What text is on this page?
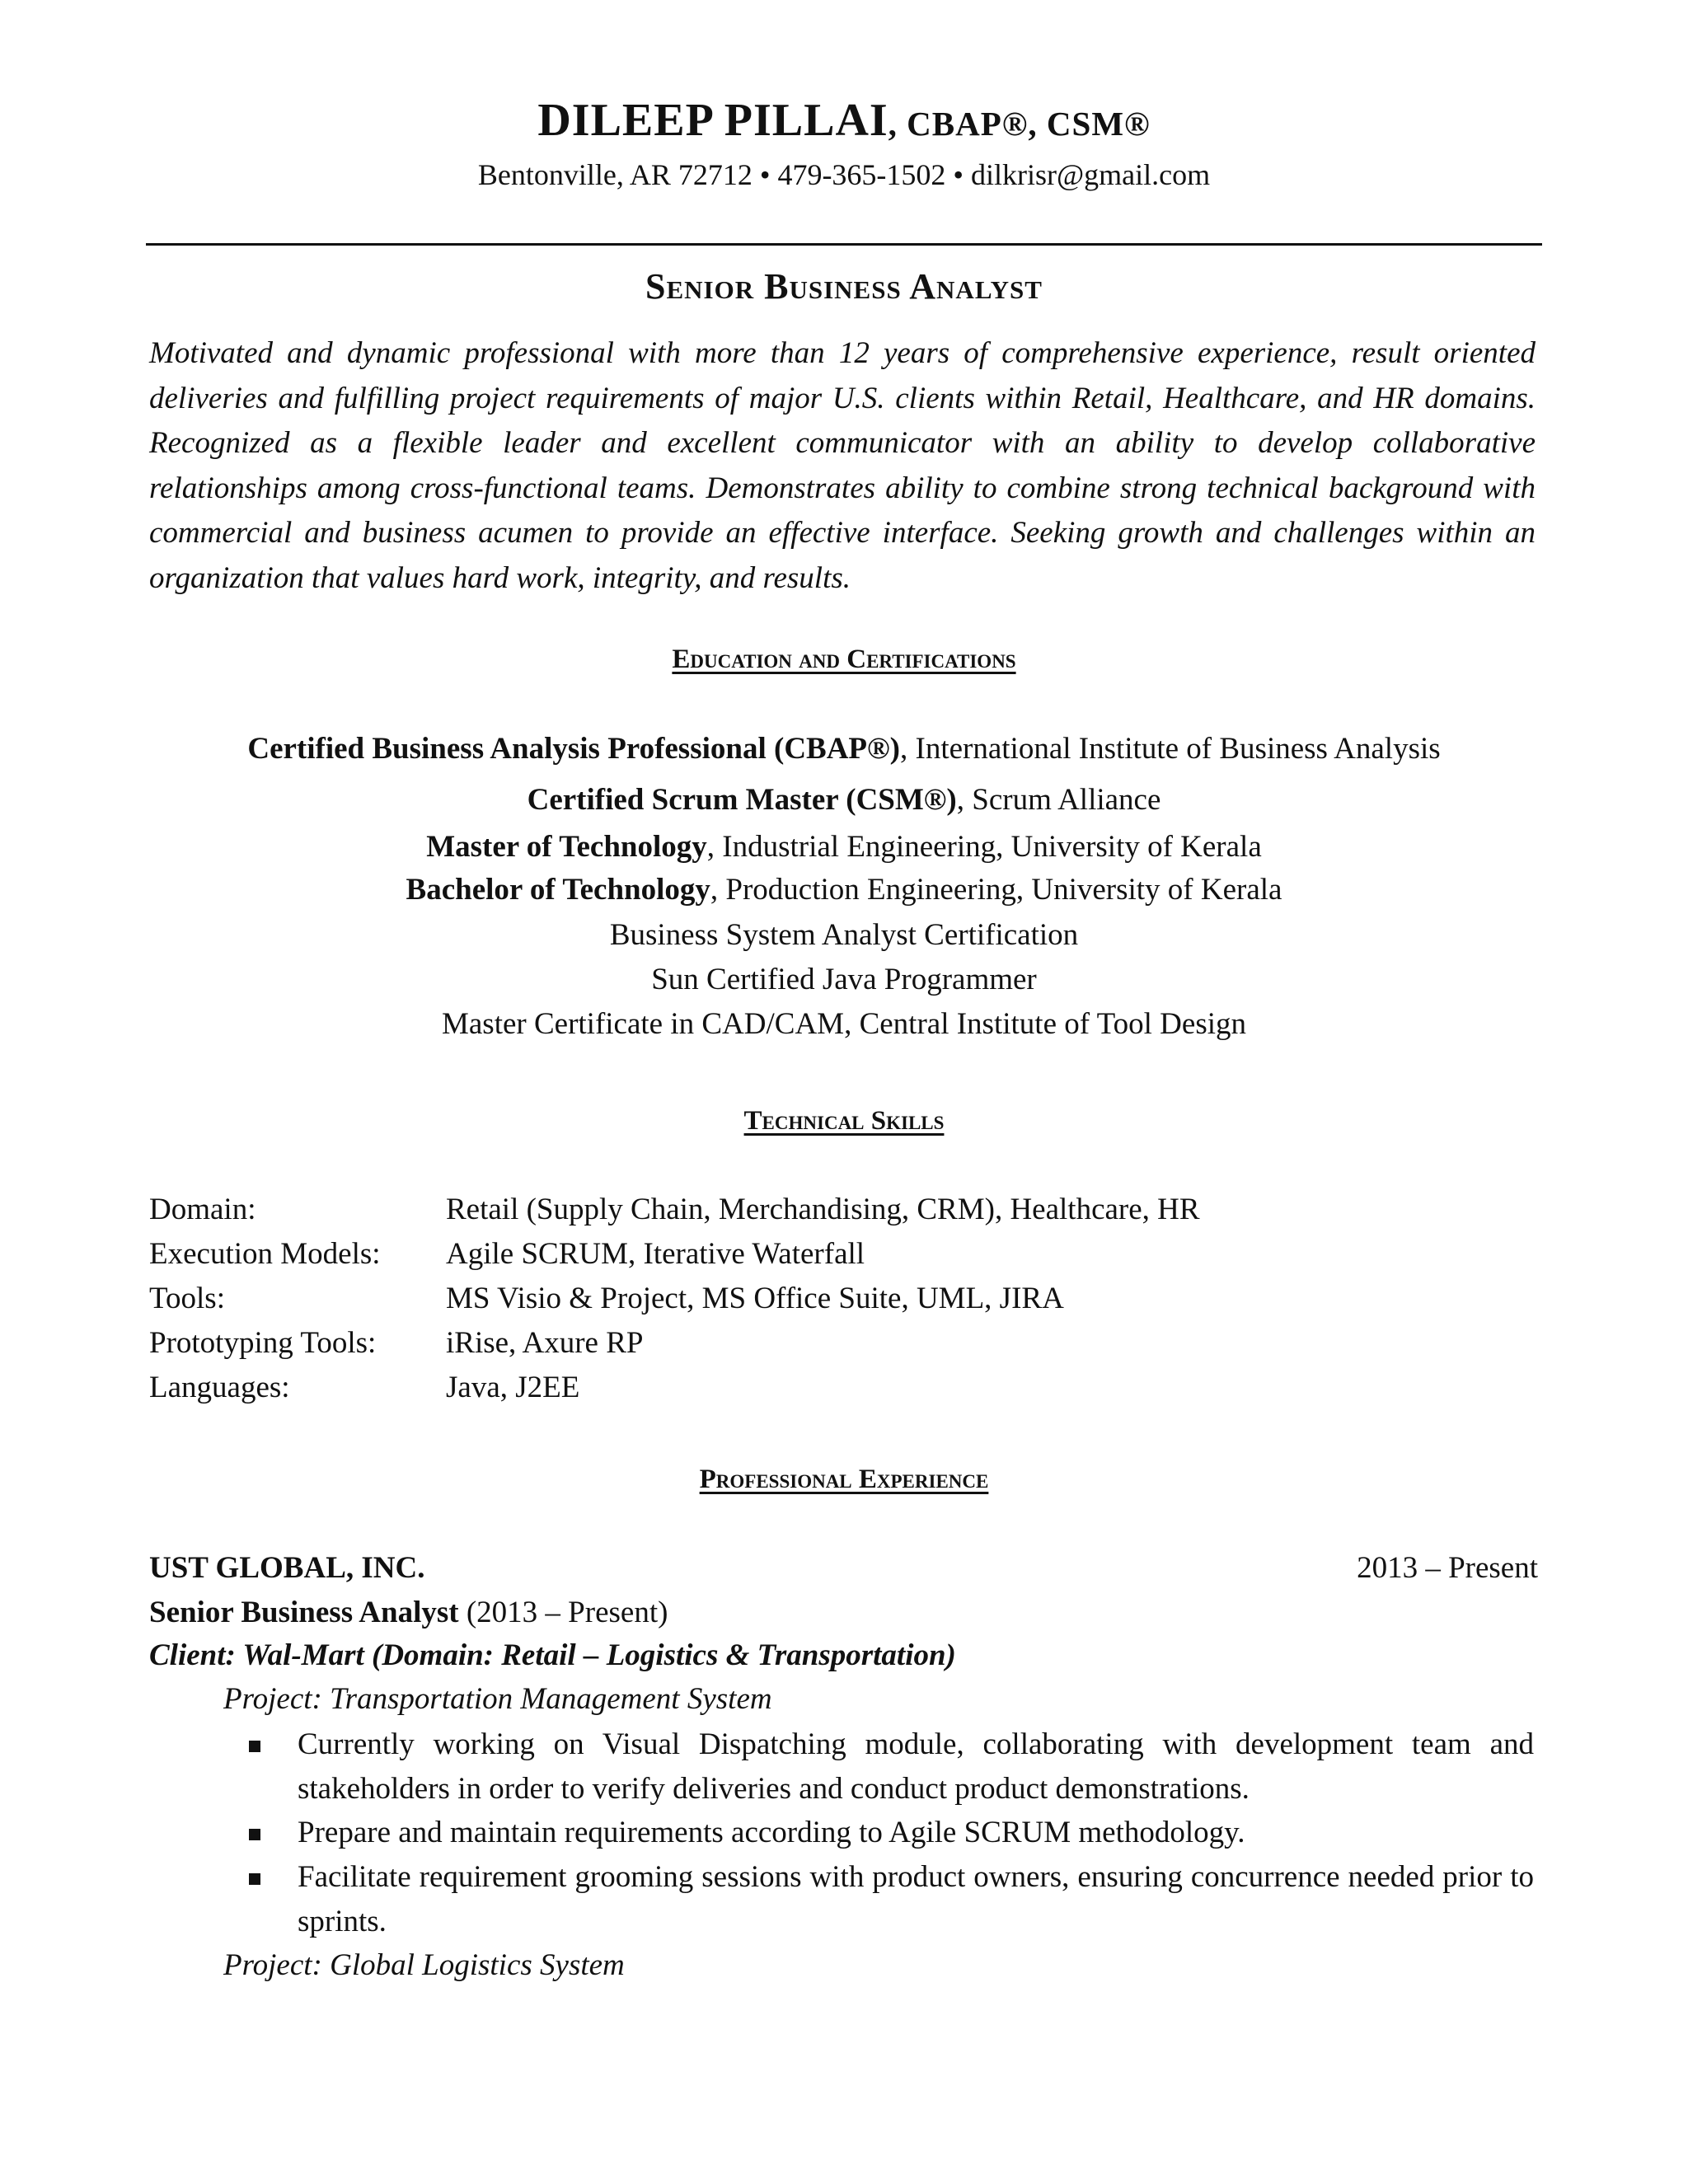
DILEEP PILLAI, CBAP®, CSM®
Bentonville, AR 72712 • 479-365-1502 • dilkrisr@gmail.com
Senior Business Analyst
Motivated and dynamic professional with more than 12 years of comprehensive experience, result oriented deliveries and fulfilling project requirements of major U.S. clients within Retail, Healthcare, and HR domains. Recognized as a flexible leader and excellent communicator with an ability to develop collaborative relationships among cross-functional teams. Demonstrates ability to combine strong technical background with commercial and business acumen to provide an effective interface. Seeking growth and challenges within an organization that values hard work, integrity, and results.
Education and Certifications
Certified Business Analysis Professional (CBAP®), International Institute of Business Analysis
Certified Scrum Master (CSM®), Scrum Alliance
Master of Technology, Industrial Engineering, University of Kerala
Bachelor of Technology, Production Engineering, University of Kerala
Business System Analyst Certification
Sun Certified Java Programmer
Master Certificate in CAD/CAM, Central Institute of Tool Design
Technical Skills
Domain:	Retail (Supply Chain, Merchandising, CRM), Healthcare, HR
Execution Models: Agile SCRUM, Iterative Waterfall
Tools:	MS Visio & Project, MS Office Suite, UML, JIRA
Prototyping Tools: iRise, Axure RP
Languages:	Java, J2EE
Professional Experience
UST GLOBAL, INC.	2013 – Present
Senior Business Analyst (2013 – Present)
Client: Wal-Mart (Domain: Retail – Logistics & Transportation)
Project: Transportation Management System
Currently working on Visual Dispatching module, collaborating with development team and stakeholders in order to verify deliveries and conduct product demonstrations.
Prepare and maintain requirements according to Agile SCRUM methodology.
Facilitate requirement grooming sessions with product owners, ensuring concurrence needed prior to sprints.
Project: Global Logistics System
